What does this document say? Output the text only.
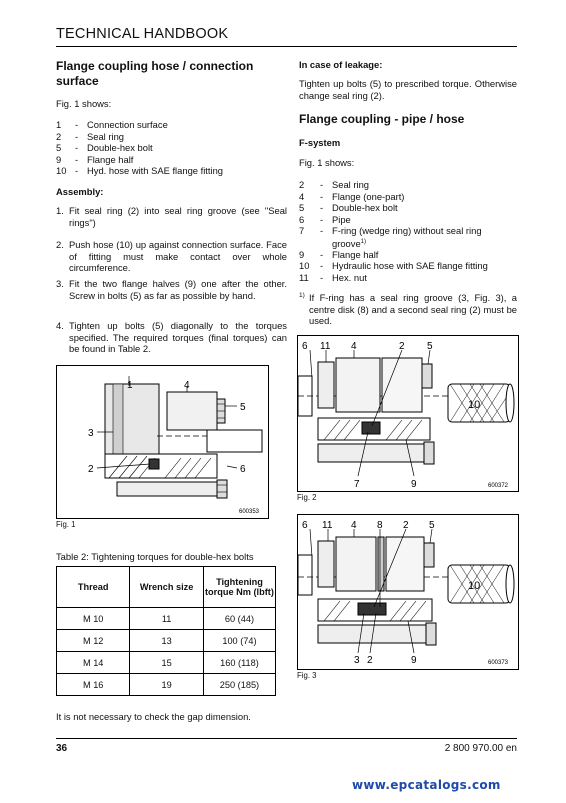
TECHNICAL HANDBOOK
Flange coupling hose / connection surface
Fig. 1 shows:
1	- Connection surface
2	- Seal ring
5	- Double-hex bolt
9	- Flange half
10 - Hyd. hose with SAE flange fitting
Assembly:
1. Fit seal ring (2) into seal ring groove (see "Seal rings")
2. Push hose (10) up against connection surface. Face of fitting must make contact over whole circumference.
3. Fit the two flange halves (9) one after the other. Screw in bolts (5) as far as possible by hand.
4. Tighten up bolts (5) diagonally to the torques specified. The required torques (final torques) can be found in Table 2.
1	4
5
3
2	6
600353
Fig. 1
Table 2: Tightening torques for double-hex bolts
Thread	Wrench size	Tightening torque Nm (lbft)
M 10	11	60 (44)
M 12	13	100 (74)
M 14	15	160 (118)
M 16	19	250 (185)
It is not necessary to check the gap dimension.
In case of leakage:
Tighten up bolts (5) to prescribed torque. Otherwise change seal ring (2).
Flange coupling - pipe / hose
F-system
Fig. 1 shows:
2	- Seal ring
4	- Flange (one-part)
5	- Double-hex bolt
6	- Pipe
7	- F-ring (wedge ring) without seal ring
groove$^{1)}$
9	- Flange half
10	- Hydraulic hose with SAE flange fitting
11	- Hex. nut
1) If F-ring has a seal ring groove (3, Fig. 3), a centre disk (8) and a second seal ring (2) must be used.
6 11 4	2 5
10
7	9	600372
Fig. 2
6 11 4 8 2 5
10
3 2	9	600373
Fig. 3
36	2 800 970.00 en
www.epcatalogs.com
